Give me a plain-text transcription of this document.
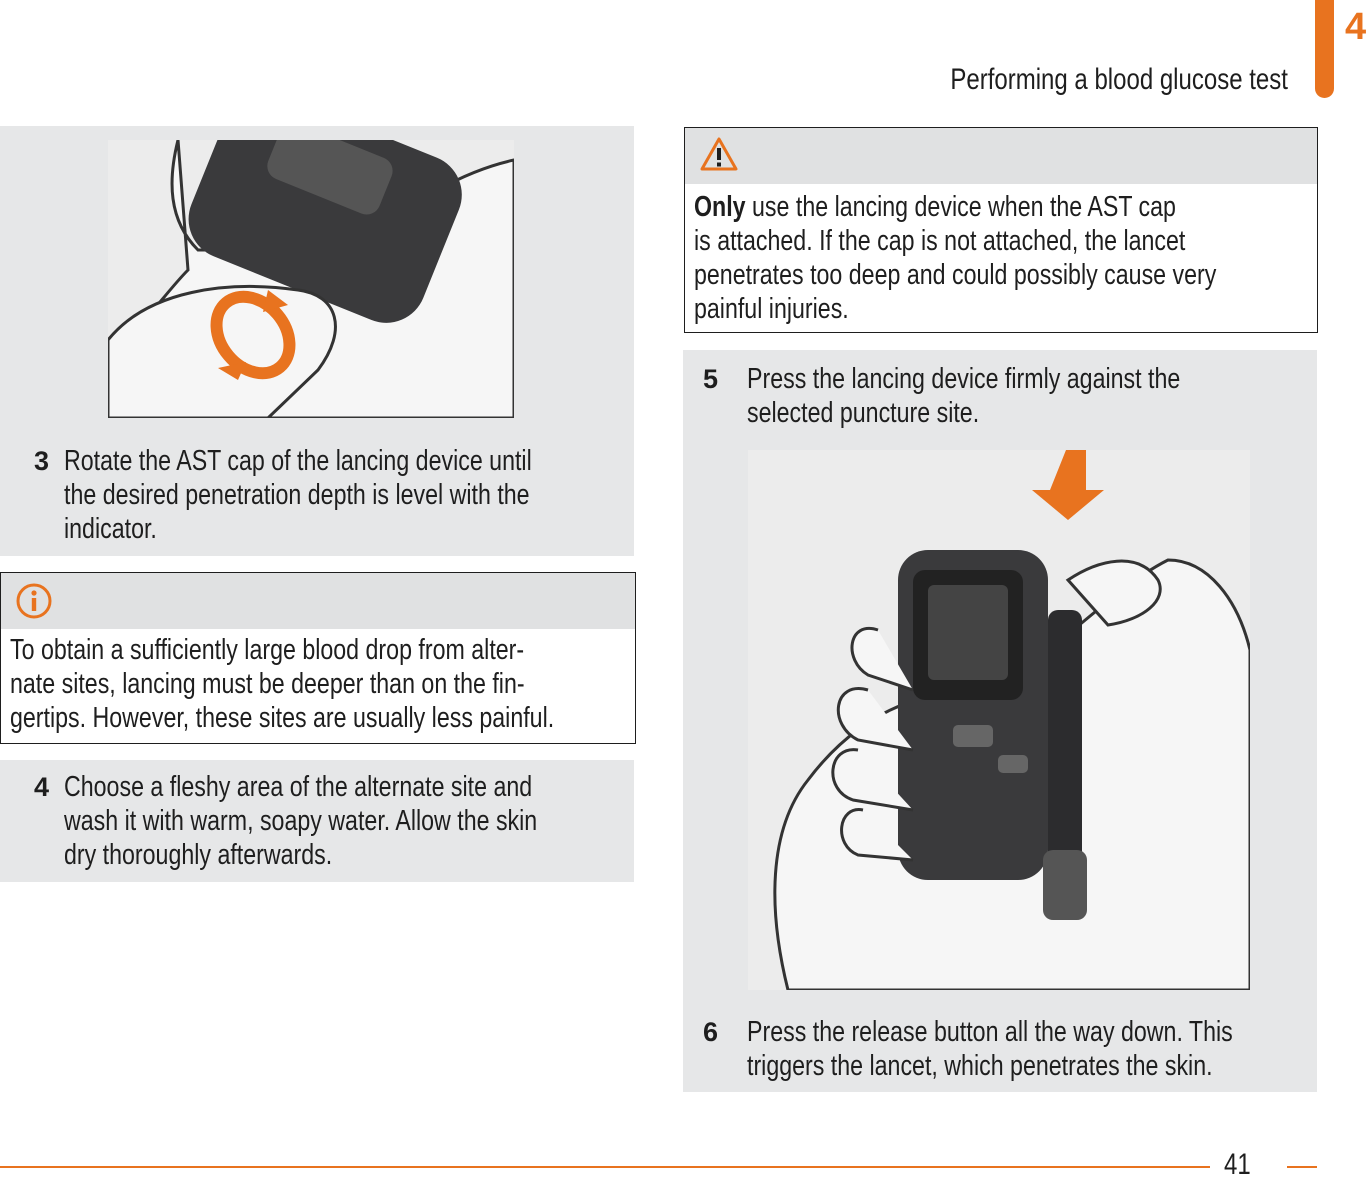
Performing a blood glucose test
4
3 Rotate the AST cap of the lancing device until
the desired penetration depth is level with the
indicator.
To obtain a sufficiently large blood drop from alter-
nate sites, lancing must be deeper than on the fin-
gertips. However, these sites are usually less painful.
4 Choose a fleshy area of the alternate site and
wash it with warm, soapy water. Allow the skin
dry thoroughly afterwards.
Only use the lancing device when the AST cap
is attached. If the cap is not attached, the lancet
penetrates too deep and could possibly cause very
painful injuries.
5 Press the lancing device firmly against the
selected puncture site.
6 Press the release button all the way down. This
triggers the lancet, which penetrates the skin.
41
